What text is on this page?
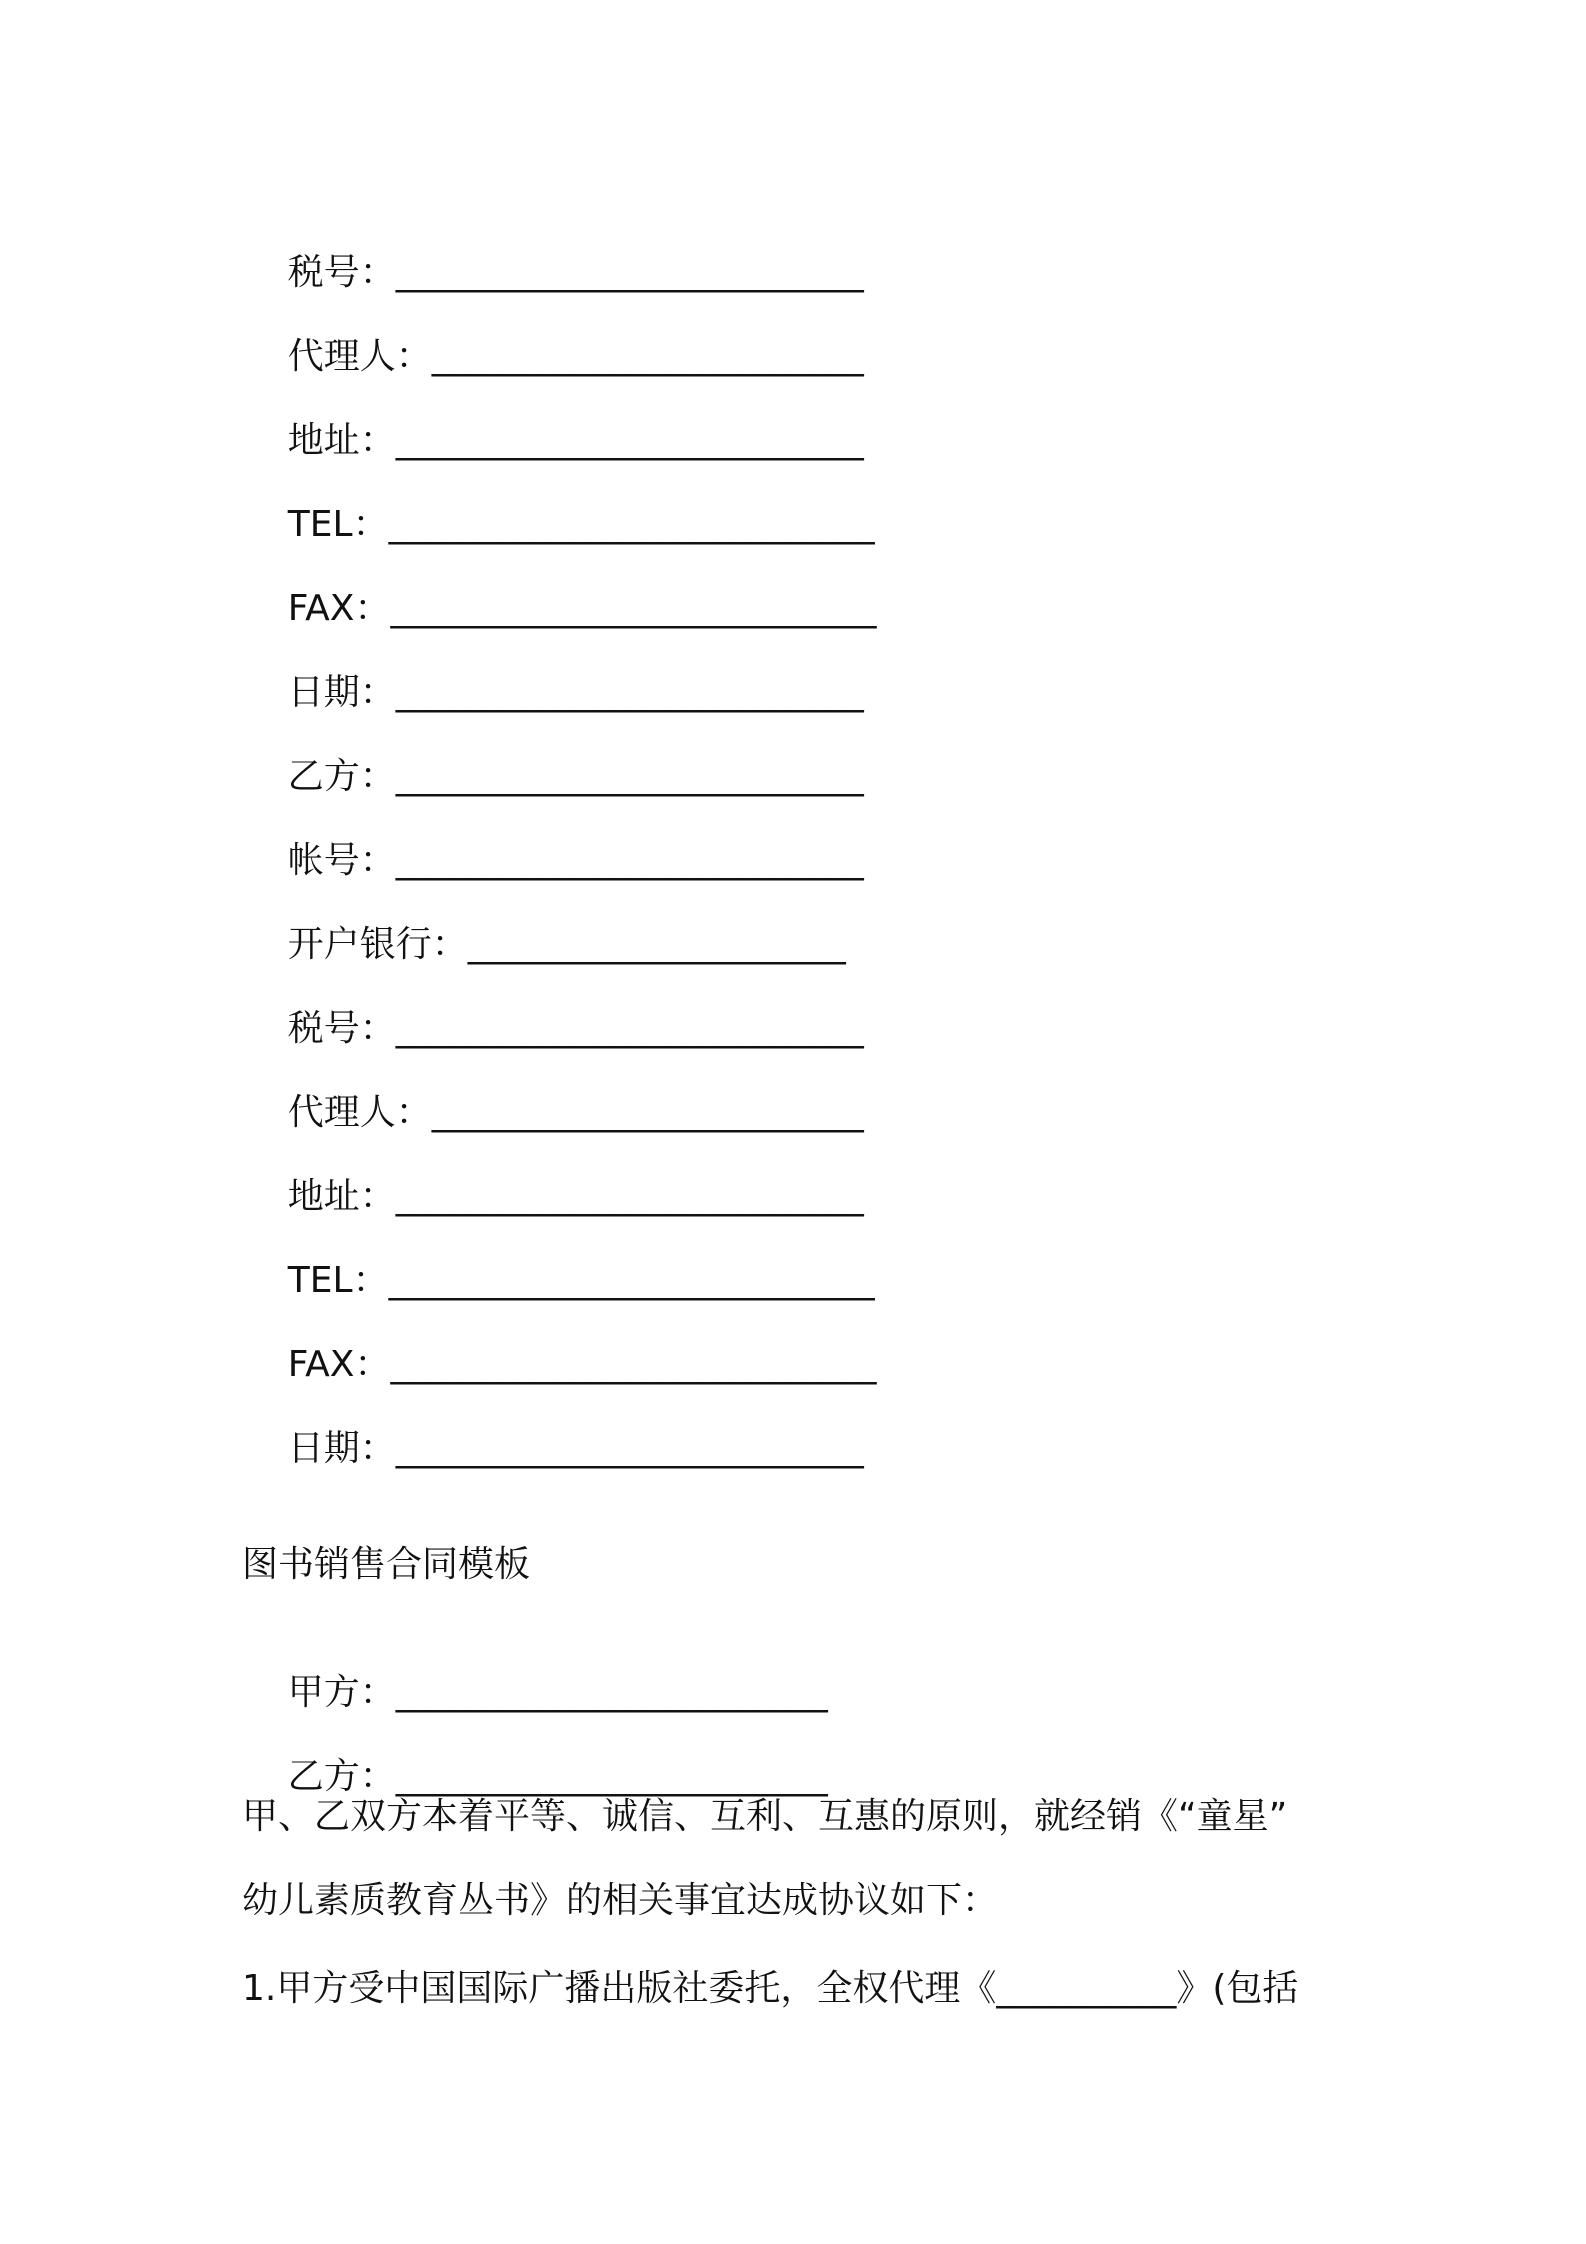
税号：__________________________

代理人：________________________

地址：__________________________

TEL：___________________________

FAX：___________________________

日期：__________________________

乙方：__________________________

帐号：__________________________

开户银行：_____________________

税号：__________________________

代理人：________________________

地址：__________________________

TEL：___________________________

FAX：___________________________

日期：__________________________

图书销售合同模板

甲方：________________________

乙方：________________________

甲、乙双方本着平等、诚信、互利、互惠的原则，就经销《“童星”
幼儿素质教育丛书》的相关事宜达成协议如下：
1.甲方受中国国际广播出版社委托，全权代理《__________》(包括
